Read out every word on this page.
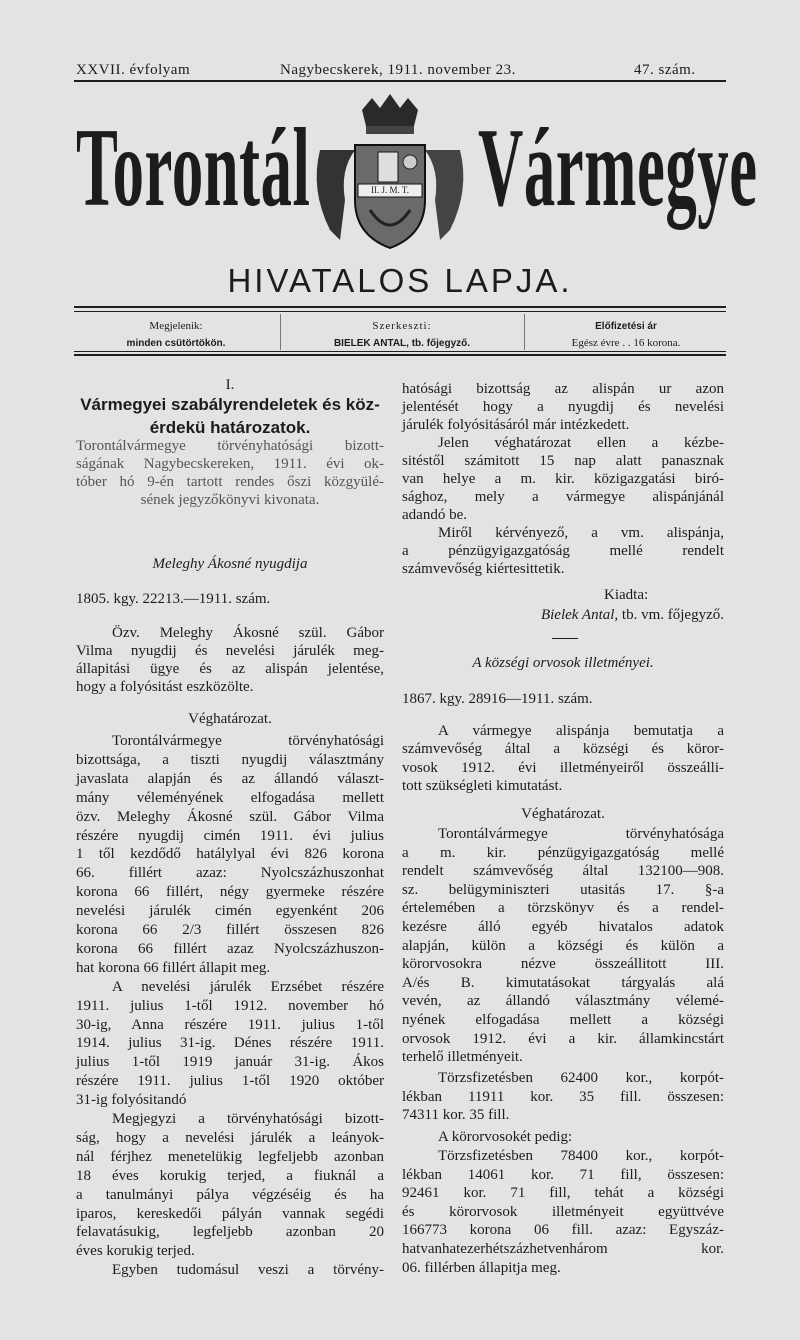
XXVII. évfolyam	Nagybecskerek, 1911. november 23.	47. szám.
Torontál Vármegye
II. J. M. T.
HIVATALOS LAPJA.
Megjelenik:
minden csütörtökön.
Szerkeszti:
BIELEK ANTAL, tb. főjegyző.
Előfizetési ár
Egész évre . . 16 korona.
I.
Vármegyei szabályrendeletek és köz-
érdekü határozatok.
Torontálvármegye törvényhatósági bizott-
ságának Nagybecskereken, 1911. évi ok-
tóber hó 9-én tartott rendes őszi közgyülé-
sének jegyzőkönyvi kivonata.
Meleghy Ákosné nyugdija
1805. kgy. 22213.—1911. szám.
Özv. Meleghy Ákosné szül. Gábor
Vilma nyugdij és nevelési járulék meg-
állapitási ügye és az alispán jelentése,
hogy a folyósitást eszközölte.
Véghatározat.
Torontálvármegye törvényhatósági
bizottsága, a tiszti nyugdij választmány
javaslata alapján és az állandó választ-
mány véleményének elfogadása mellett
özv. Meleghy Ákosné szül. Gábor Vilma
részére nyugdij cimén 1911. évi julius
1 től kezdődő hatálylyal évi 826 korona
66. fillért azaz: Nyolcszázhuszonhat
korona 66 fillért, négy gyermeke részére
nevelési járulék cimén egyenként 206
korona 66 2/3 fillért összesen 826
korona 66 fillért azaz Nyolcszázhuszon-
hat korona 66 fillért állapit meg.
A nevelési járulék Erzsébet részére
1911. julius 1-től 1912. november hó
30-ig, Anna részére 1911. julius 1-től
1914. julius 31-ig. Dénes részére 1911.
julius 1-től 1919 január 31-ig. Ákos
részére 1911. julius 1-től 1920 október
31-ig folyósitandó
Megjegyzi a törvényhatósági bizott-
ság, hogy a nevelési járulék a leányok-
nál férjhez menetelükig legfeljebb azonban
18 éves korukig terjed, a fiuknál a
a tanulmányi pálya végzéséig és ha
iparos, kereskedői pályán vannak segédi
felavatásukig, legfeljebb azonban 20
éves korukig terjed.
Egyben tudomásul veszi a törvény-
hatósági bizottság az alispán ur azon
jelentését hogy a nyugdij és nevelési
járulék folyósitásáról már intézkedett.
Jelen véghatározat ellen a kézbe-
sitéstől számitott 15 nap alatt panasznak
van helye a m. kir. közigazgatási biró-
sághoz, mely a vármegye alispánjánál
adandó be.
Miről kérvényező, a vm. alispánja,
a pénzügyigazgatóság mellé rendelt
számvevőség kiértesittetik.
Kiadta:
1867. kgy. 28916—1911. szám.
A községi orvosok illetményei.
A vármegye alispánja bemutatja a
számvevőség által a községi és köror-
vosok 1912. évi illetményeiről összeálli-
tott szükségleti kimutatást.
Véghatározat.
Torontálvármegye törvényhatósága
a m. kir. pénzügyigazgatóság mellé
rendelt számvevőség által 132100—908.
sz. belügyminiszteri utasitás 17. §-a
értelemében a törzskönyv és a rendel-
kezésre álló egyéb hivatalos adatok
alapján, külön a községi és külön a
körorvosokra nézve összeállitott III.
A/és B. kimutatásokat tárgyalás alá
vevén, az állandó választmány vélemé-
nyének elfogadása mellett a községi
orvosok 1912. évi a kir. államkincstárt
terhelő illetményeit.
Törzsfizetésben 62400 kor., korpót-
lékban 11911 kor. 35 fill. összesen:
74311 kor. 35 fill.
A körorvosokét pedig:
Törzsfizetésben 78400 kor., korpót-
lékban 14061 kor. 71 fill, összesen:
92461 kor. 71 fill, tehát a községi
és körorvosok illetményeit együttvéve
166773 korona 06 fill. azaz: Egyszáz-
hatvanhatezerhétszázhetvenhárom kor.
06. fillérben állapitja meg.
Bielek Antal, tb. vm. főjegyző.
